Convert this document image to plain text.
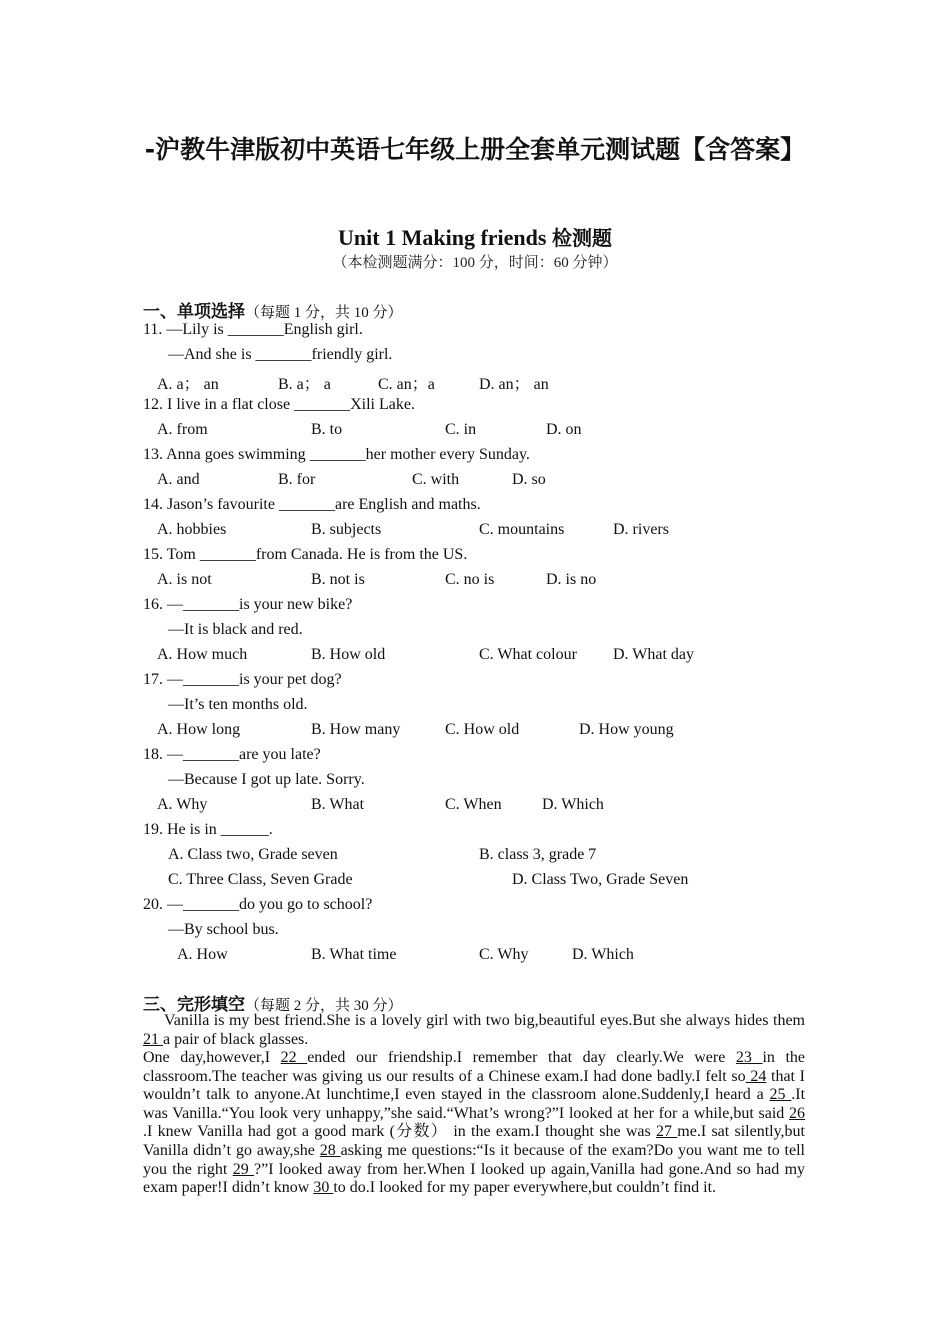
-沪教牛津版初中英语七年级上册全套单元测试题【含答案】
Unit 1 Making friends 检测题
（本检测题满分：100 分，时间：60 分钟）
一、单项选择（每题 1 分，共 10 分）
11. —Lily is _______English girl.
—And she is _______friendly girl.
A. a； an	B. a； a	C. an；a	D. an； an
12. I live in a flat close _______Xili Lake.
A. from	B. to	C. in	D. on
13. Anna goes swimming _______her mother every Sunday.
A. and	B. for	C. with	D. so
14. Jason’s favourite _______are English and maths.
A. hobbies	B. subjects	C. mountains	D. rivers
15. Tom _______from Canada. He is from the US.
A. is not	B. not is	C. no is	D. is no
16. —_______is your new bike?
—It is black and red.
A. How much	B. How old	C. What colour D. What day
17. —_______is your pet dog?
—It’s ten months old.
A. How long	B. How many	C. How old	D. How young
18. —_______are you late?
—Because I got up late. Sorry.
A. Why	B. What	C. When	D. Which
19. He is in ______.
A. Class two, Grade seven	B. class 3, grade 7
C. Three Class, Seven Grade	D. Class Two, Grade Seven
20. —_______do you go to school?
—By school bus.
A. How	B. What time	C. Why	D. Which
三、完形填空（每题 2 分，共 30 分）
Vanilla is my best friend.She is a lovely girl with two big,beautiful eyes.But she always hides them 21 a pair of black glasses.
One day,however,I 22 ended our friendship.I remember that day clearly.We were 23 in the classroom.The teacher was giving us our results of a Chinese exam.I had done badly.I felt so 24 that I wouldn’t talk to anyone.At lunchtime,I even stayed in the classroom alone.Suddenly,I heard a 25 .It was Vanilla.“You look very unhappy,”she said.“What’s wrong?”I looked at her for a while,but said 26 .I knew Vanilla had got a good mark (分数） in the exam.I thought she was 27 me.I sat silently,but Vanilla didn’t go away,she 28 asking me questions:“Is it because of the exam?Do you want me to tell you the right 29 ?”I looked away from her.When I looked up again,Vanilla had gone.And so had my exam paper!I didn’t know 30 to do.I looked for my paper everywhere,but couldn’t find it.
